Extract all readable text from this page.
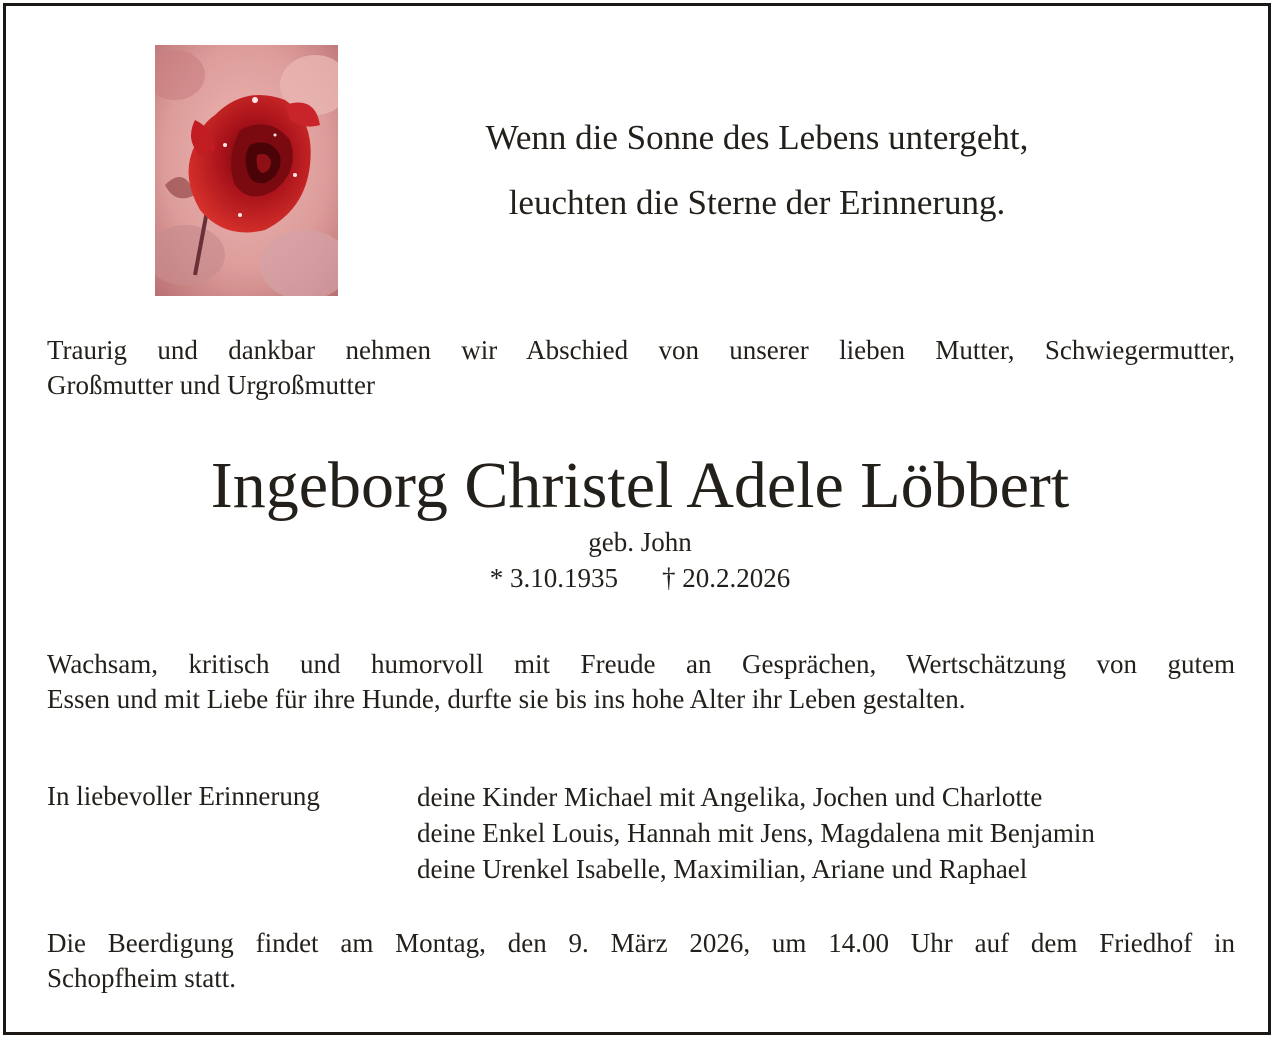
Wenn die Sonne des Lebens untergeht,
leuchten die Sterne der Erinnerung.
Traurig und dankbar nehmen wir Abschied von unserer lieben Mutter, Schwiegermutter,
Großmutter und Urgroßmutter
Ingeborg Christel Adele Löbbert
geb. John
* 3.10.1935 † 20.2.2026
Wachsam, kritisch und humorvoll mit Freude an Gesprächen, Wertschätzung von gutem
Essen und mit Liebe für ihre Hunde, durfte sie bis ins hohe Alter ihr Leben gestalten.
In liebevoller Erinnerung	deine Kinder Michael mit Angelika, Jochen und Charlotte
deine Enkel Louis, Hannah mit Jens, Magdalena mit Benjamin
deine Urenkel Isabelle, Maximilian, Ariane und Raphael
Die Beerdigung findet am Montag, den 9. März 2026, um 14.00 Uhr auf dem Friedhof in
Schopfheim statt.
